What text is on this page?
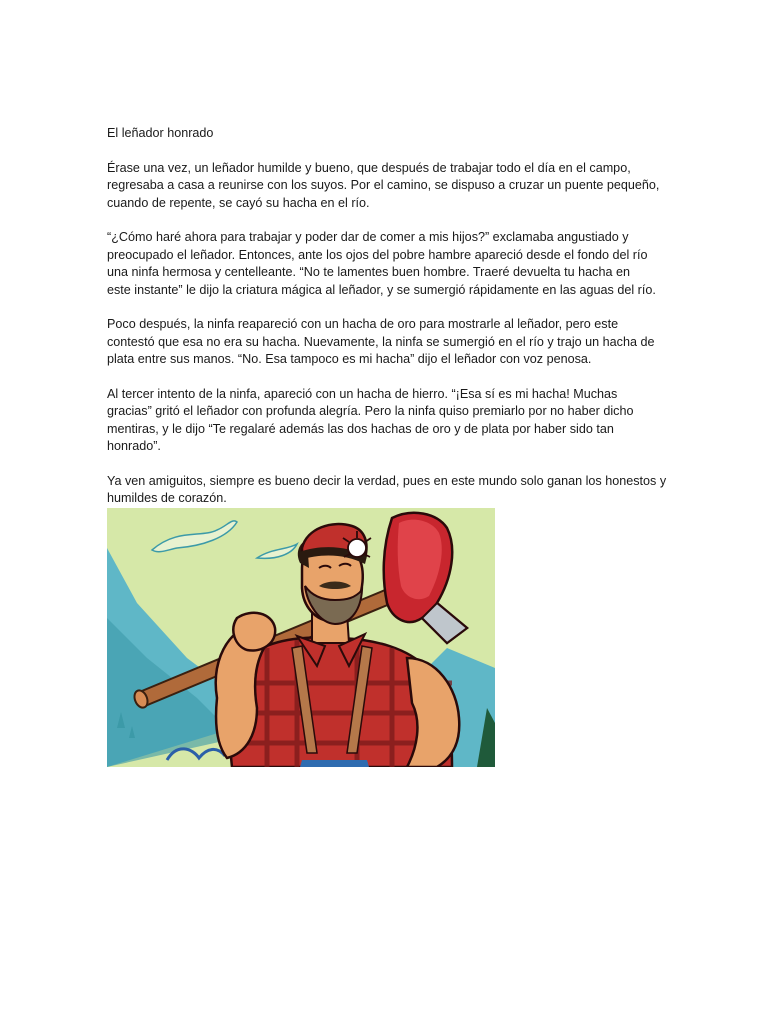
El leñador honrado

Érase una vez, un leñador humilde y bueno, que después de trabajar todo el día en el campo,
regresaba a casa a reunirse con los suyos. Por el camino, se dispuso a cruzar un puente pequeño,
cuando de repente, se cayó su hacha en el río.

“¿Cómo haré ahora para trabajar y poder dar de comer a mis hijos?” exclamaba angustiado y
preocupado el leñador. Entonces, ante los ojos del pobre hambre apareció desde el fondo del río
una ninfa hermosa y centelleante. “No te lamentes buen hombre. Traeré devuelta tu hacha en
este instante” le dijo la criatura mágica al leñador, y se sumergió rápidamente en las aguas del río.

Poco después, la ninfa reapareció con un hacha de oro para mostrarle al leñador, pero este
contestó que esa no era su hacha. Nuevamente, la ninfa se sumergió en el río y trajo un hacha de
plata entre sus manos. “No. Esa tampoco es mi hacha” dijo el leñador con voz penosa.

Al tercer intento de la ninfa, apareció con un hacha de hierro. “¡Esa sí es mi hacha! Muchas
gracias” gritó el leñador con profunda alegría. Pero la ninfa quiso premiarlo por no haber dicho
mentiras, y le dijo “Te regalaré además las dos hachas de oro y de plata por haber sido tan
honrado”.

Ya ven amiguitos, siempre es bueno decir la verdad, pues en este mundo solo ganan los honestos y
humildes de corazón.
